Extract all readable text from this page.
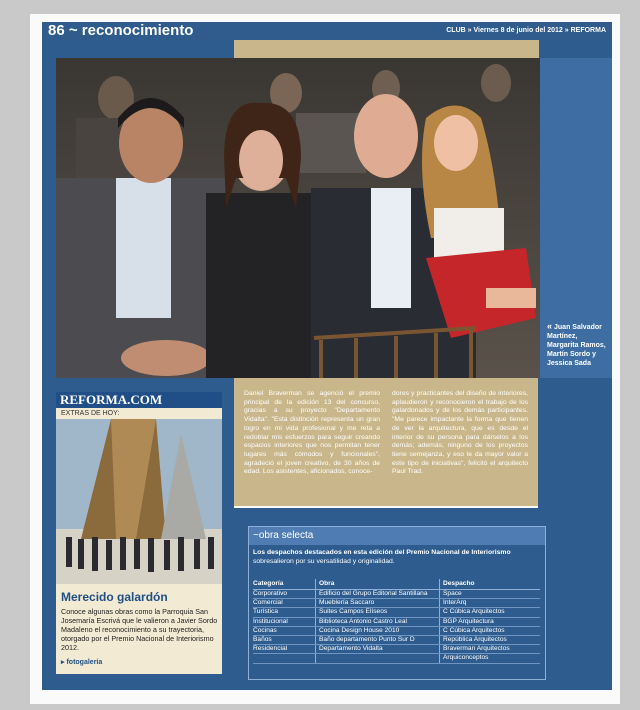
86 ~ reconocimiento	CLUB » Viernes 8 de junio del 2012 » REFORMA
« Juan Salvador Martínez, Margarita Ramos, Martín Sordo y Jessica Sada
REFORMA.COM
EXTRAS DE HOY:
Merecido galardón
Conoce algunas obras como la Parroquia San Josemaría Escrivá que le valieron a Javier Sordo Madaleno el reconocimiento a su trayectoria, otorgado por el Premio Nacional de Interiorismo 2012.
▸ fotogalería
Daniel Braverman se agenció el premio principal de la edición 13 del concurso, gracias a su proyecto "Departamento Vidalta". "Esta distinción representa un gran logro en mi vida profesional y me reta a redoblar mis esfuerzos para seguir creando espacios interiores que nos permitan tener lugares más cómodos y funcionales", agradeció el joven creativo, de 30 años de edad. Los asistentes, aficionados, conoce-
dores y practicantes del diseño de interiores, aplaudieron y reconocieron el trabajo de los galardonados y de los demás participantes. "Me parece impactante la forma que tienen de ver la arquitectura, que es desde el interior de su persona para dárselos a los demás; además, ninguno de los proyectos tiene semejanza, y eso le da mayor valor a este tipo de iniciativas", felicitó el arquitecto Paul Trad.
~obra selecta
Los despachos destacados en esta edición del Premio Nacional de Interiorismo
sobresalieron por su versatilidad y originalidad.
Categoría	Obra	Despacho
Corporativo	Edificio del Grupo Editorial Santillana	Space
Comercial	Mueblería Saccaro	InterArq
Turística	Suites Campos Elíseos	C Cúbica Arquitectos
Institucional	Biblioteca Antonio Castro Leal	BGP Arquitectura
Cocinas	Cocina Design House 2010	C Cúbica Arquitectos
Baños	Baño departamento Punto Sur D	República Arquitectos
Residencial	Departamento Vidalta	Braverman Arquitectos
		Arquiconceptos
